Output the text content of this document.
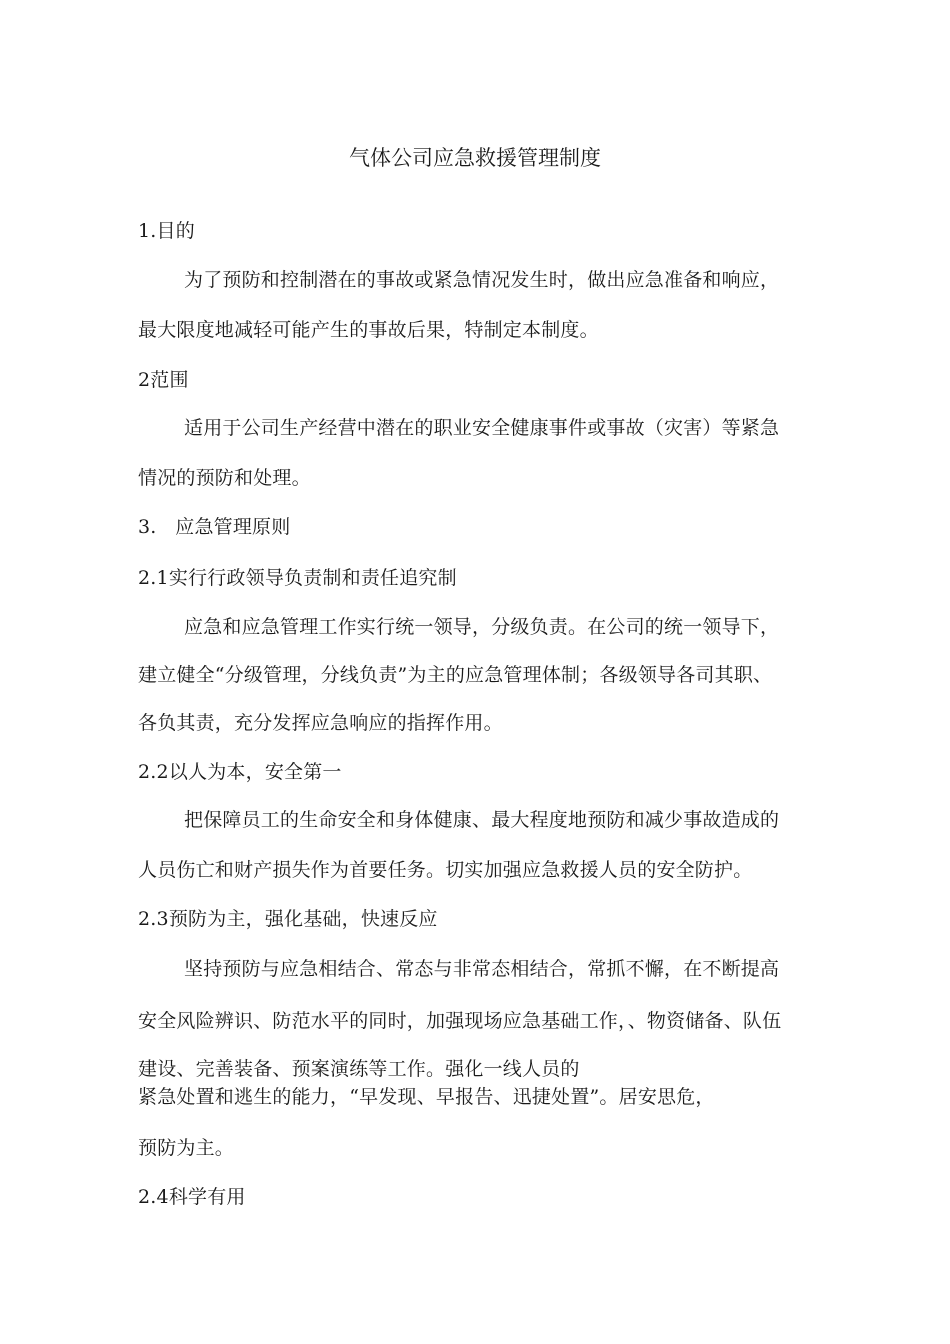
气体公司应急救援管理制度
1.目的
为了预防和控制潜在的事故或紧急情况发生时，做出应急准备和响应，
最大限度地减轻可能产生的事故后果，特制定本制度。
2范围
适用于公司生产经营中潜在的职业安全健康事件或事故（灾害）等紧急
情况的预防和处理。
3.   应急管理原则
2.1实行行政领导负责制和责任追究制
应急和应急管理工作实行统一领导，分级负责。在公司的统一领导下，
建立健全“分级管理，分线负责”为主的应急管理体制；各级领导各司其职、
各负其责，充分发挥应急响应的指挥作用。
2.2以人为本，安全第一
把保障员工的生命安全和身体健康、最大程度地预防和减少事故造成的
人员伤亡和财产损失作为首要任务。切实加强应急救援人员的安全防护。
2.3预防为主，强化基础，快速反应
坚持预防与应急相结合、常态与非常态相结合，常抓不懈，在不断提高
安全风险辨识、防范水平的同时，加强现场应急基础工作，、物资储备、队伍
建设、完善装备、预案演练等工作。强化一线人员的
紧急处置和逃生的能力，“早发现、早报告、迅捷处置”。居安思危，
预防为主。
2.4科学有用
